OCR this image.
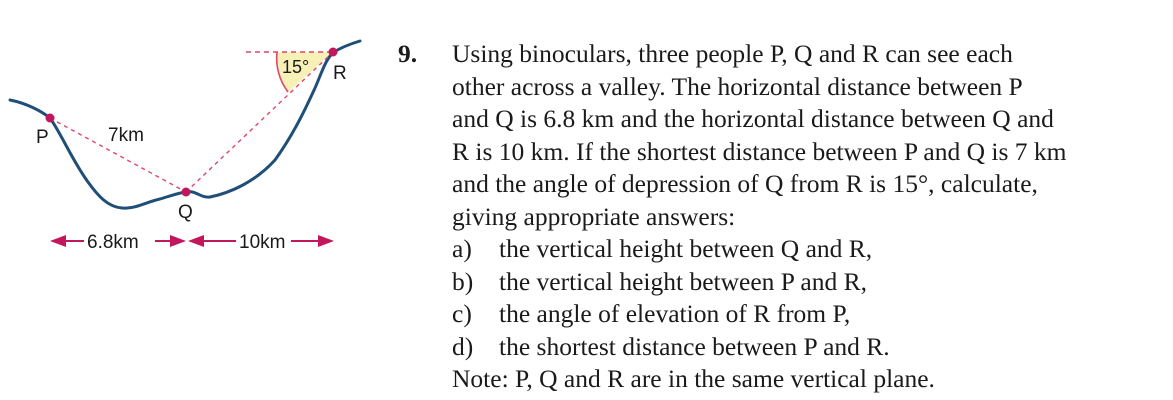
P
Q
R
7km
15°
6.8km	10km
9. Using binoculars, three people P, Q and R can see each
other across a valley. The horizontal distance between P
and Q is 6.8 km and the horizontal distance between Q and
R is 10 km. If the shortest distance between P and Q is 7 km
and the angle of depression of Q from R is 15°, calculate,
giving appropriate answers:
a) the vertical height between Q and R,
b) the vertical height between P and R,
c) the angle of elevation of R from P,
d) the shortest distance between P and R.
Note: P, Q and R are in the same vertical plane.
